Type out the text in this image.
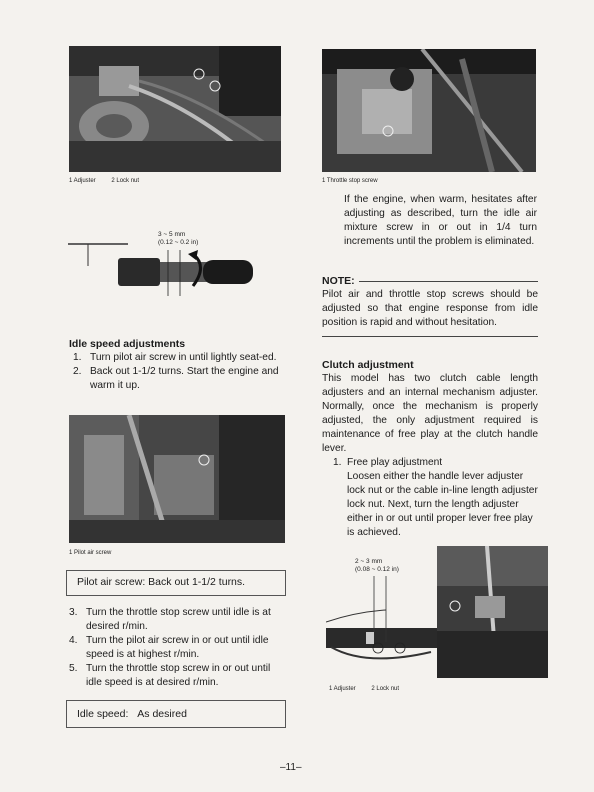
1 Adjuster	2 Lock nut
3 ~ 5 mm
(0.12 ~ 0.2 in)
Idle speed adjustments
1. Turn pilot air screw in until lightly seat-ed.
2. Back out 1-1/2 turns. Start the engine and warm it up.
1 Pilot air screw
Pilot air screw: Back out 1-1/2 turns.
3. Turn the throttle stop screw until idle is at desired r/min.
4. Turn the pilot air screw in or out until idle speed is at highest r/min.
5. Turn the throttle stop screw in or out until idle speed is at desired r/min.
Idle speed: As desired
1 Throttle stop screw
If the engine, when warm, hesitates after adjusting as described, turn the idle air mixture screw in or out in 1/4 turn increments until the problem is eliminated.
NOTE:
Pilot air and throttle stop screws should be adjusted so that engine response from idle position is rapid and without hesitation.
Clutch adjustment
This model has two clutch cable length adjusters and an internal mechanism adjuster. Normally, once the mechanism is properly adjusted, the only adjustment required is maintenance of free play at the clutch handle lever.
1. Free play adjustment
Loosen either the handle lever adjuster lock nut or the cable in-line length adjuster lock nut. Next, turn the length adjuster either in or out until proper lever free play is achieved.
2 ~ 3 mm
(0.08 ~ 0.12 in)
1 Adjuster	2 Lock nut
–11–
